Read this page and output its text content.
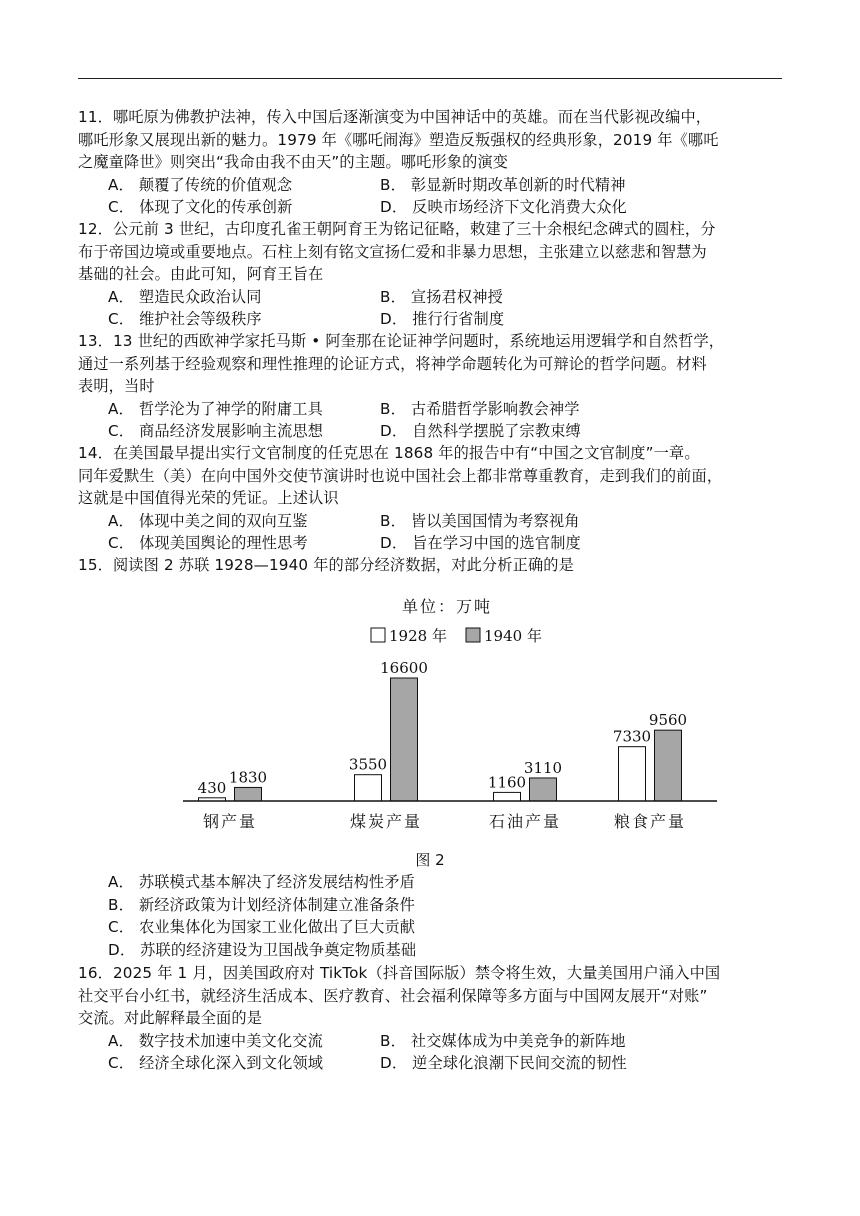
11．哪吒原为佛教护法神，传入中国后逐渐演变为中国神话中的英雄。而在当代影视改编中，
哪吒形象又展现出新的魅力。1979 年《哪吒闹海》塑造反叛强权的经典形象，2019 年《哪吒
之魔童降世》则突出“我命由我不由天”的主题。哪吒形象的演变
A． 颠覆了传统的价值观念	B． 彰显新时期改革创新的时代精神
C． 体现了文化的传承创新	D． 反映市场经济下文化消费大众化
12．公元前 3 世纪，古印度孔雀王朝阿育王为铭记征略，敕建了三十余根纪念碑式的圆柱，分
布于帝国边境或重要地点。石柱上刻有铭文宣扬仁爱和非暴力思想，主张建立以慈悲和智慧为
基础的社会。由此可知，阿育王旨在
A． 塑造民众政治认同	B． 宣扬君权神授
C． 维护社会等级秩序	D． 推行行省制度
13．13 世纪的西欧神学家托马斯 • 阿奎那在论证神学问题时，系统地运用逻辑学和自然哲学，
通过一系列基于经验观察和理性推理的论证方式，将神学命题转化为可辩论的哲学问题。材料
表明，当时
A． 哲学沦为了神学的附庸工具	B． 古希腊哲学影响教会神学
C． 商品经济发展影响主流思想	D． 自然科学摆脱了宗教束缚
14．在美国最早提出实行文官制度的任克思在 1868 年的报告中有“中国之文官制度”一章。
同年爱默生（美）在向中国外交使节演讲时也说中国社会上都非常尊重教育，走到我们的前面，
这就是中国值得光荣的凭证。上述认识
A． 体现中美之间的双向互鉴	B． 皆以美国国情为考察视角
C． 体现美国舆论的理性思考	D． 旨在学习中国的选官制度
15．阅读图 2 苏联 1928—1940 年的部分经济数据，对此分析正确的是
单位：万吨
1928 年 1940 年
430
1830
3550
16600
1160
3110
7330
9560
钢产量	煤炭产量	石油产量	粮食产量
图 2
A． 苏联模式基本解决了经济发展结构性矛盾
B． 新经济政策为计划经济体制建立准备条件
C． 农业集体化为国家工业化做出了巨大贡献
D． 苏联的经济建设为卫国战争奠定物质基础
16．2025 年 1 月，因美国政府对 TikTok（抖音国际版）禁令将生效，大量美国用户涌入中国
社交平台小红书，就经济生活成本、医疗教育、社会福利保障等多方面与中国网友展开“对账”
交流。对此解释最全面的是
A． 数字技术加速中美文化交流	B． 社交媒体成为中美竞争的新阵地
C． 经济全球化深入到文化领域	D． 逆全球化浪潮下民间交流的韧性
